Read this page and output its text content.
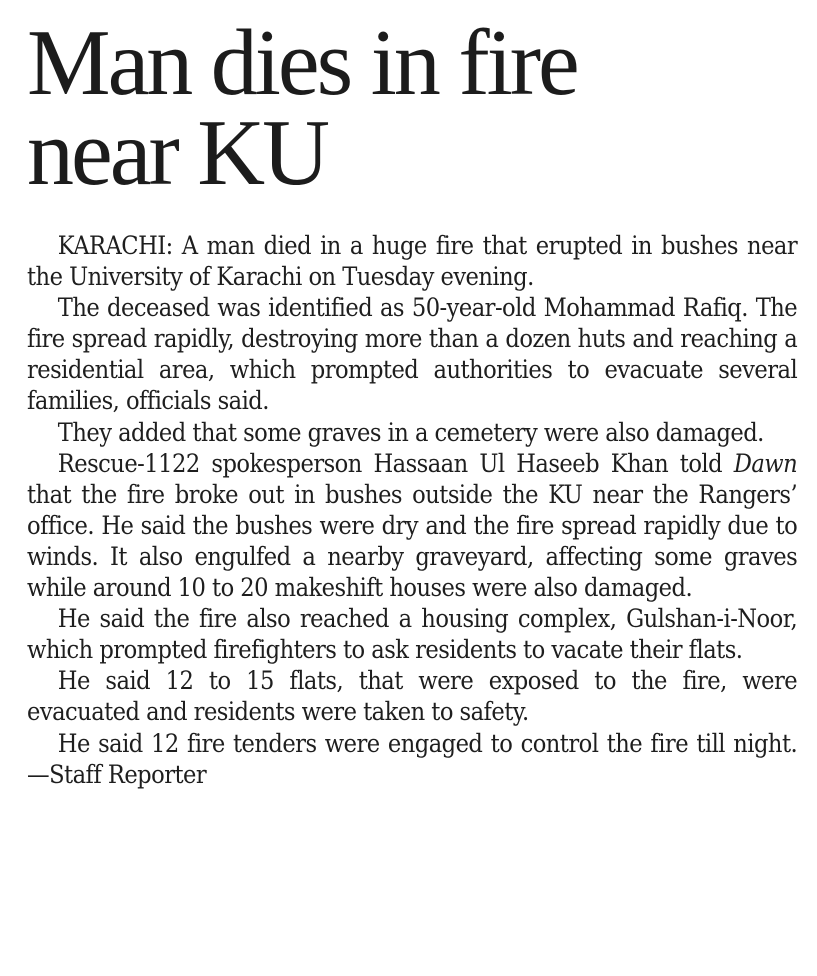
Man dies in fire
near KU

KARACHI: A man died in a huge fire that erupted in bushes near the University of Karachi on Tuesday evening.

The deceased was identified as 50-year-old Mohammad Rafiq. The fire spread rapidly, destroying more than a dozen huts and reaching a residential area, which prompted authorities to evacuate several families, officials said.

They added that some graves in a cemetery were also damaged.

Rescue-1122 spokesperson Hassaan Ul Haseeb Khan told Dawn that the fire broke out in bushes outside the KU near the Rangers’ office. He said the bushes were dry and the fire spread rapidly due to winds. It also engulfed a nearby graveyard, affecting some graves while around 10 to 20 makeshift houses were also damaged.

He said the fire also reached a housing complex, Gulshan-i-Noor, which prompted firefighters to ask residents to vacate their flats.

He said 12 to 15 flats, that were exposed to the fire, were evacuated and residents were taken to safety.

He said 12 fire tenders were engaged to control the fire till night. —Staff Reporter
